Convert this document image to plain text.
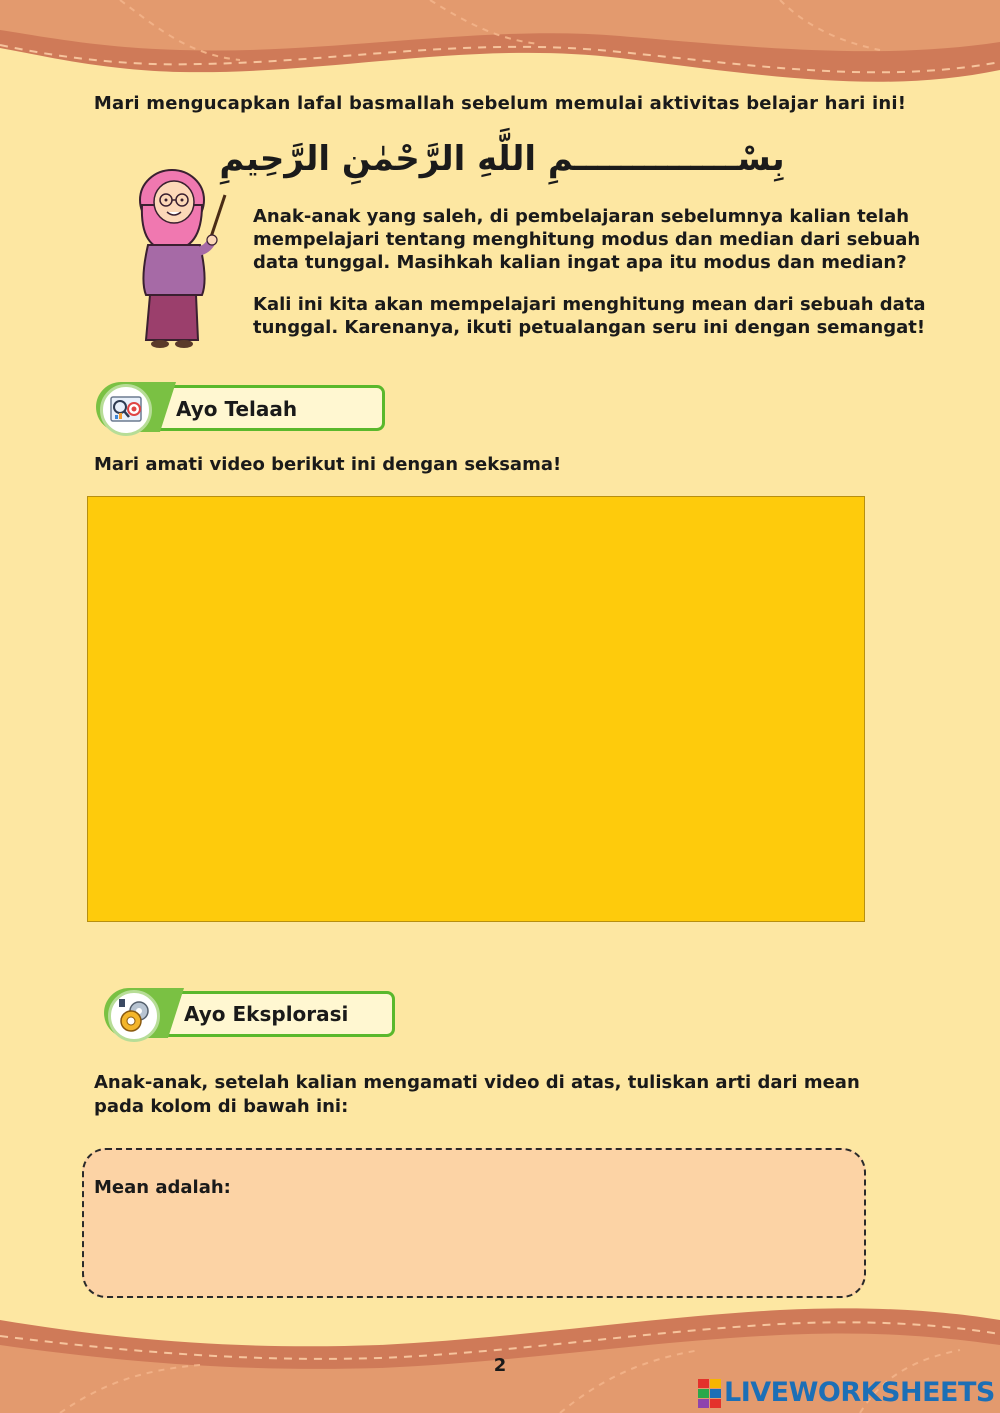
Mari mengucapkan lafal basmallah sebelum memulai aktivitas belajar hari ini!
بِسْــــــــــــــمِ اللَّهِ الرَّحْمٰنِ الرَّحِيمِ
Anak-anak yang saleh, di pembelajaran sebelumnya kalian telah mempelajari tentang menghitung modus dan median dari sebuah data tunggal. Masihkah kalian ingat apa itu modus dan median?
Kali ini kita akan mempelajari menghitung mean dari sebuah data tunggal. Karenanya, ikuti petualangan seru ini dengan semangat!
Ayo Telaah
Mari amati video berikut ini dengan seksama!
Ayo Eksplorasi
Anak-anak, setelah kalian mengamati video di atas, tuliskan arti dari mean pada kolom di bawah ini:
Mean adalah:
2
LIVEWORKSHEETS
